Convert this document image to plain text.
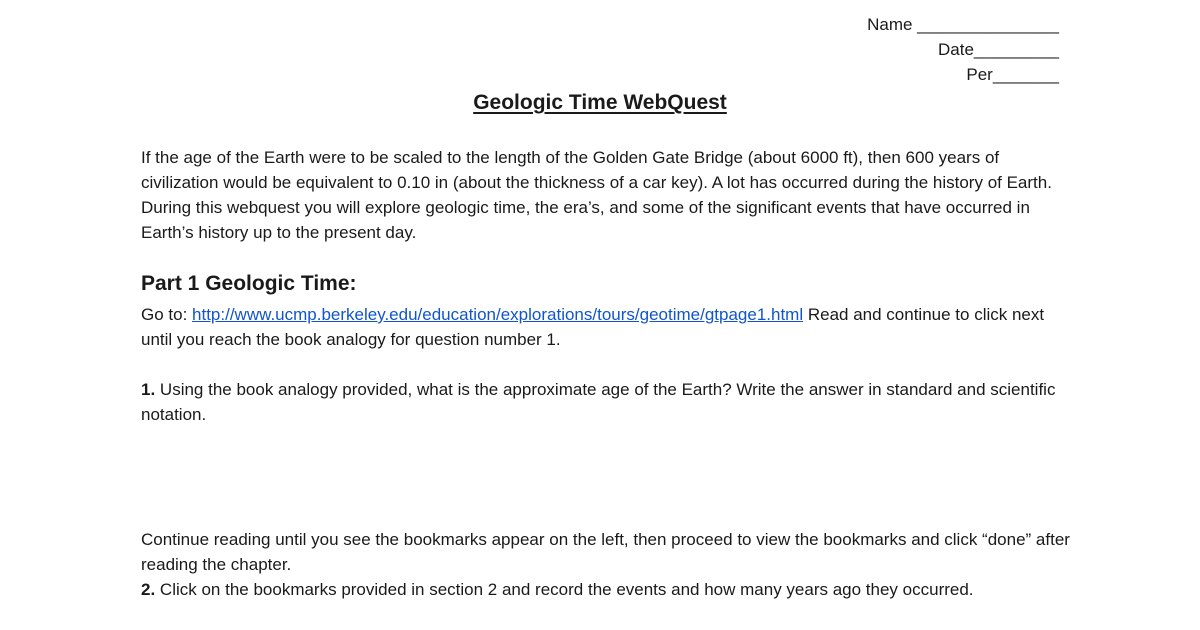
Name _______________
Date_________
Per_______
Geologic Time WebQuest

If the age of the Earth were to be scaled to the length of the Golden Gate Bridge (about 6000 ft), then 600 years of civilization would be equivalent to 0.10 in (about the thickness of a car key). A lot has occurred during the history of Earth. During this webquest you will explore geologic time, the era’s, and some of the significant events that have occurred in Earth’s history up to the present day.

Part 1 Geologic Time:

Go to: http://www.ucmp.berkeley.edu/education/explorations/tours/geotime/gtpage1.html Read and continue to click next until you reach the book analogy for question number 1.

1. Using the book analogy provided, what is the approximate age of the Earth? Write the answer in standard and scientific notation.

Continue reading until you see the bookmarks appear on the left, then proceed to view the bookmarks and click “done” after reading the chapter.

2. Click on the bookmarks provided in section 2 and record the events and how many years ago they occurred.
